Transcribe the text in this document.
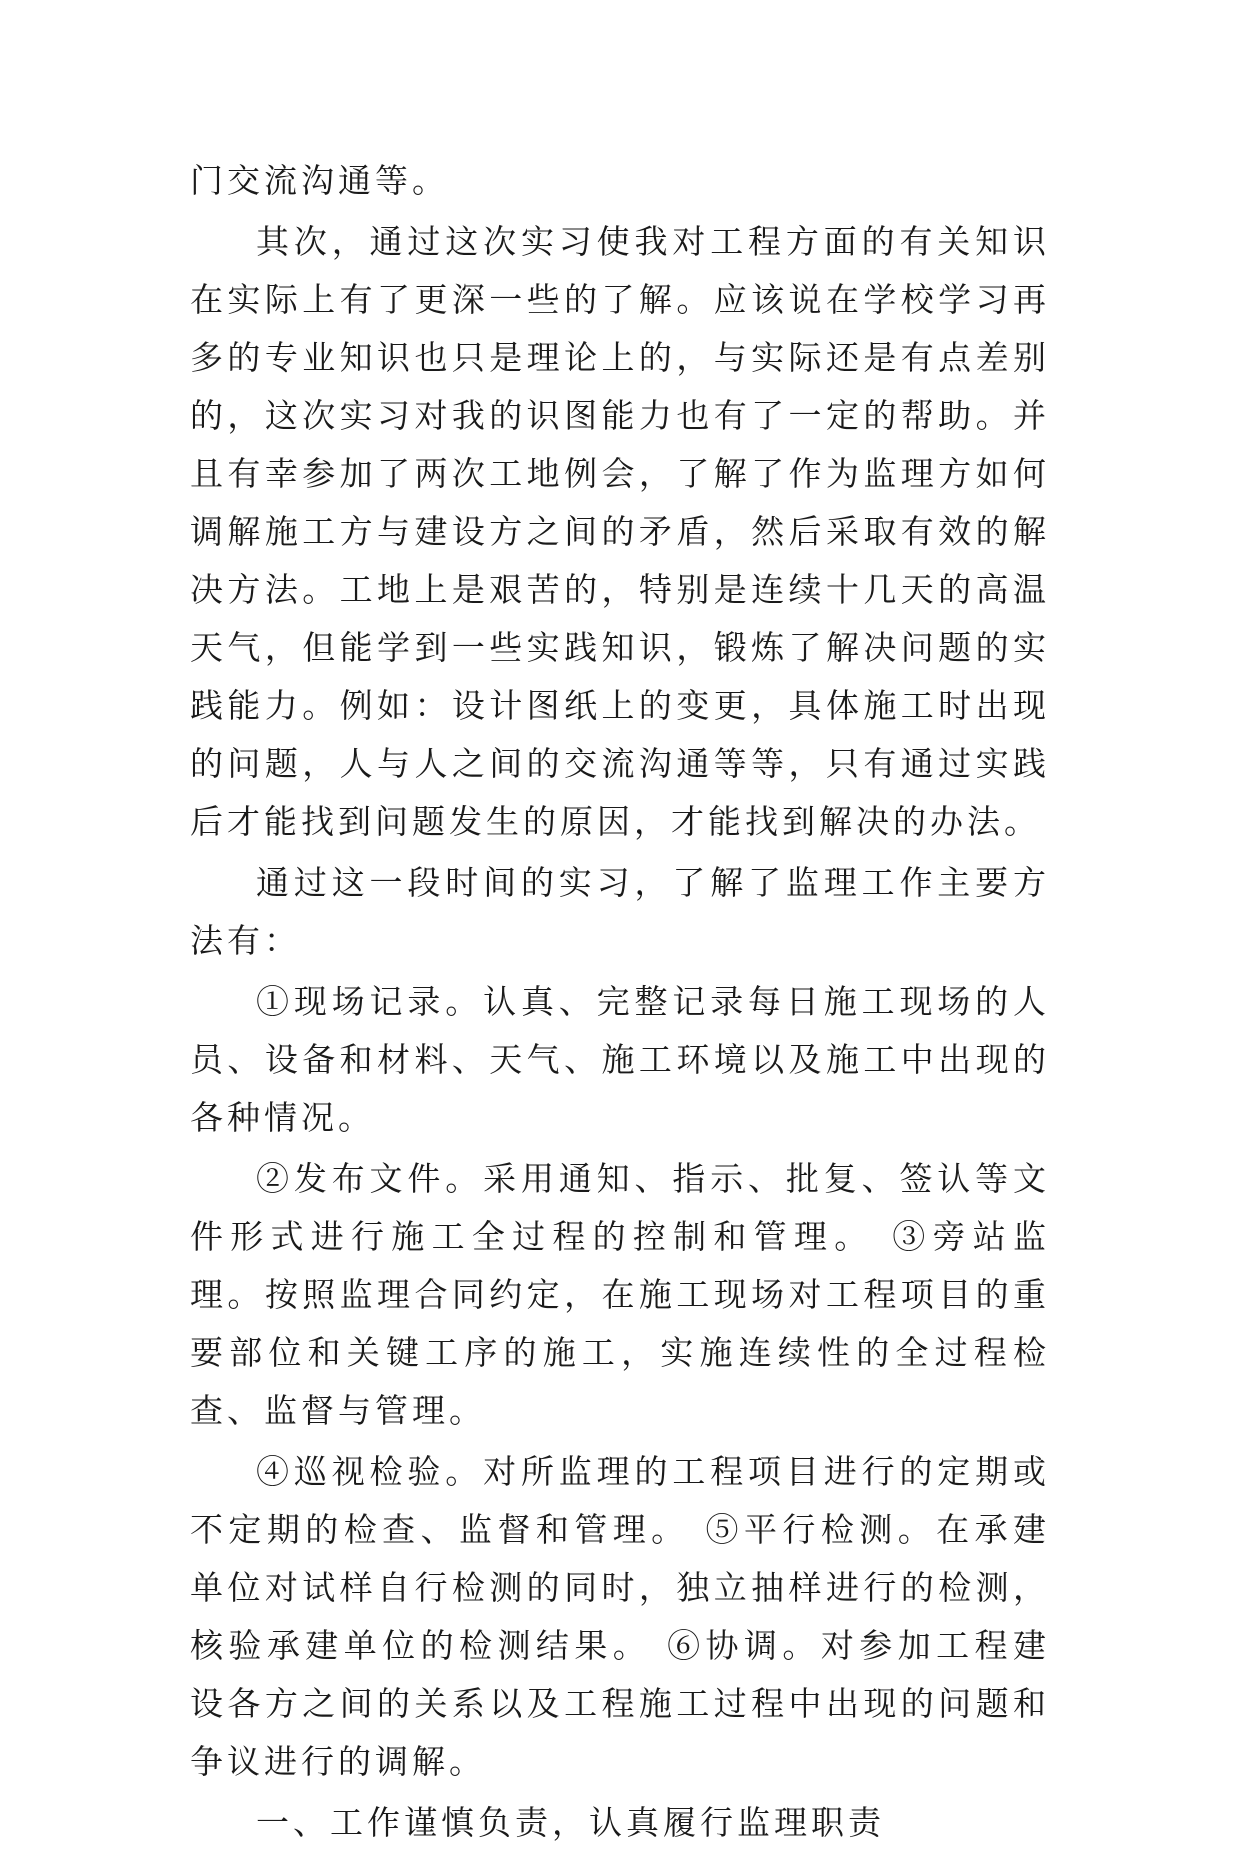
门交流沟通等。

其次，通过这次实习使我对工程方面的有关知识在实际上有了更深一些的了解。应该说在学校学习再多的专业知识也只是理论上的，与实际还是有点差别的，这次实习对我的识图能力也有了一定的帮助。并且有幸参加了两次工地例会，了解了作为监理方如何调解施工方与建设方之间的矛盾，然后采取有效的解决方法。工地上是艰苦的，特别是连续十几天的高温天气，但能学到一些实践知识，锻炼了解决问题的实践能力。例如：设计图纸上的变更，具体施工时出现的问题，人与人之间的交流沟通等等，只有通过实践后才能找到问题发生的原因，才能找到解决的办法。

通过这一段时间的实习，了解了监理工作主要方法有：

①现场记录。认真、完整记录每日施工现场的人员、设备和材料、天气、施工环境以及施工中出现的各种情况。

②发布文件。采用通知、指示、批复、签认等文件形式进行施工全过程的控制和管理。 ③旁站监理。按照监理合同约定，在施工现场对工程项目的重要部位和关键工序的施工，实施连续性的全过程检查、监督与管理。

④巡视检验。对所监理的工程项目进行的定期或不定期的检查、监督和管理。 ⑤平行检测。在承建单位对试样自行检测的同时，独立抽样进行的检测，核验承建单位的检测结果。 ⑥协调。对参加工程建设各方之间的关系以及工程施工过程中出现的问题和争议进行的调解。

一、工作谨慎负责，认真履行监理职责
